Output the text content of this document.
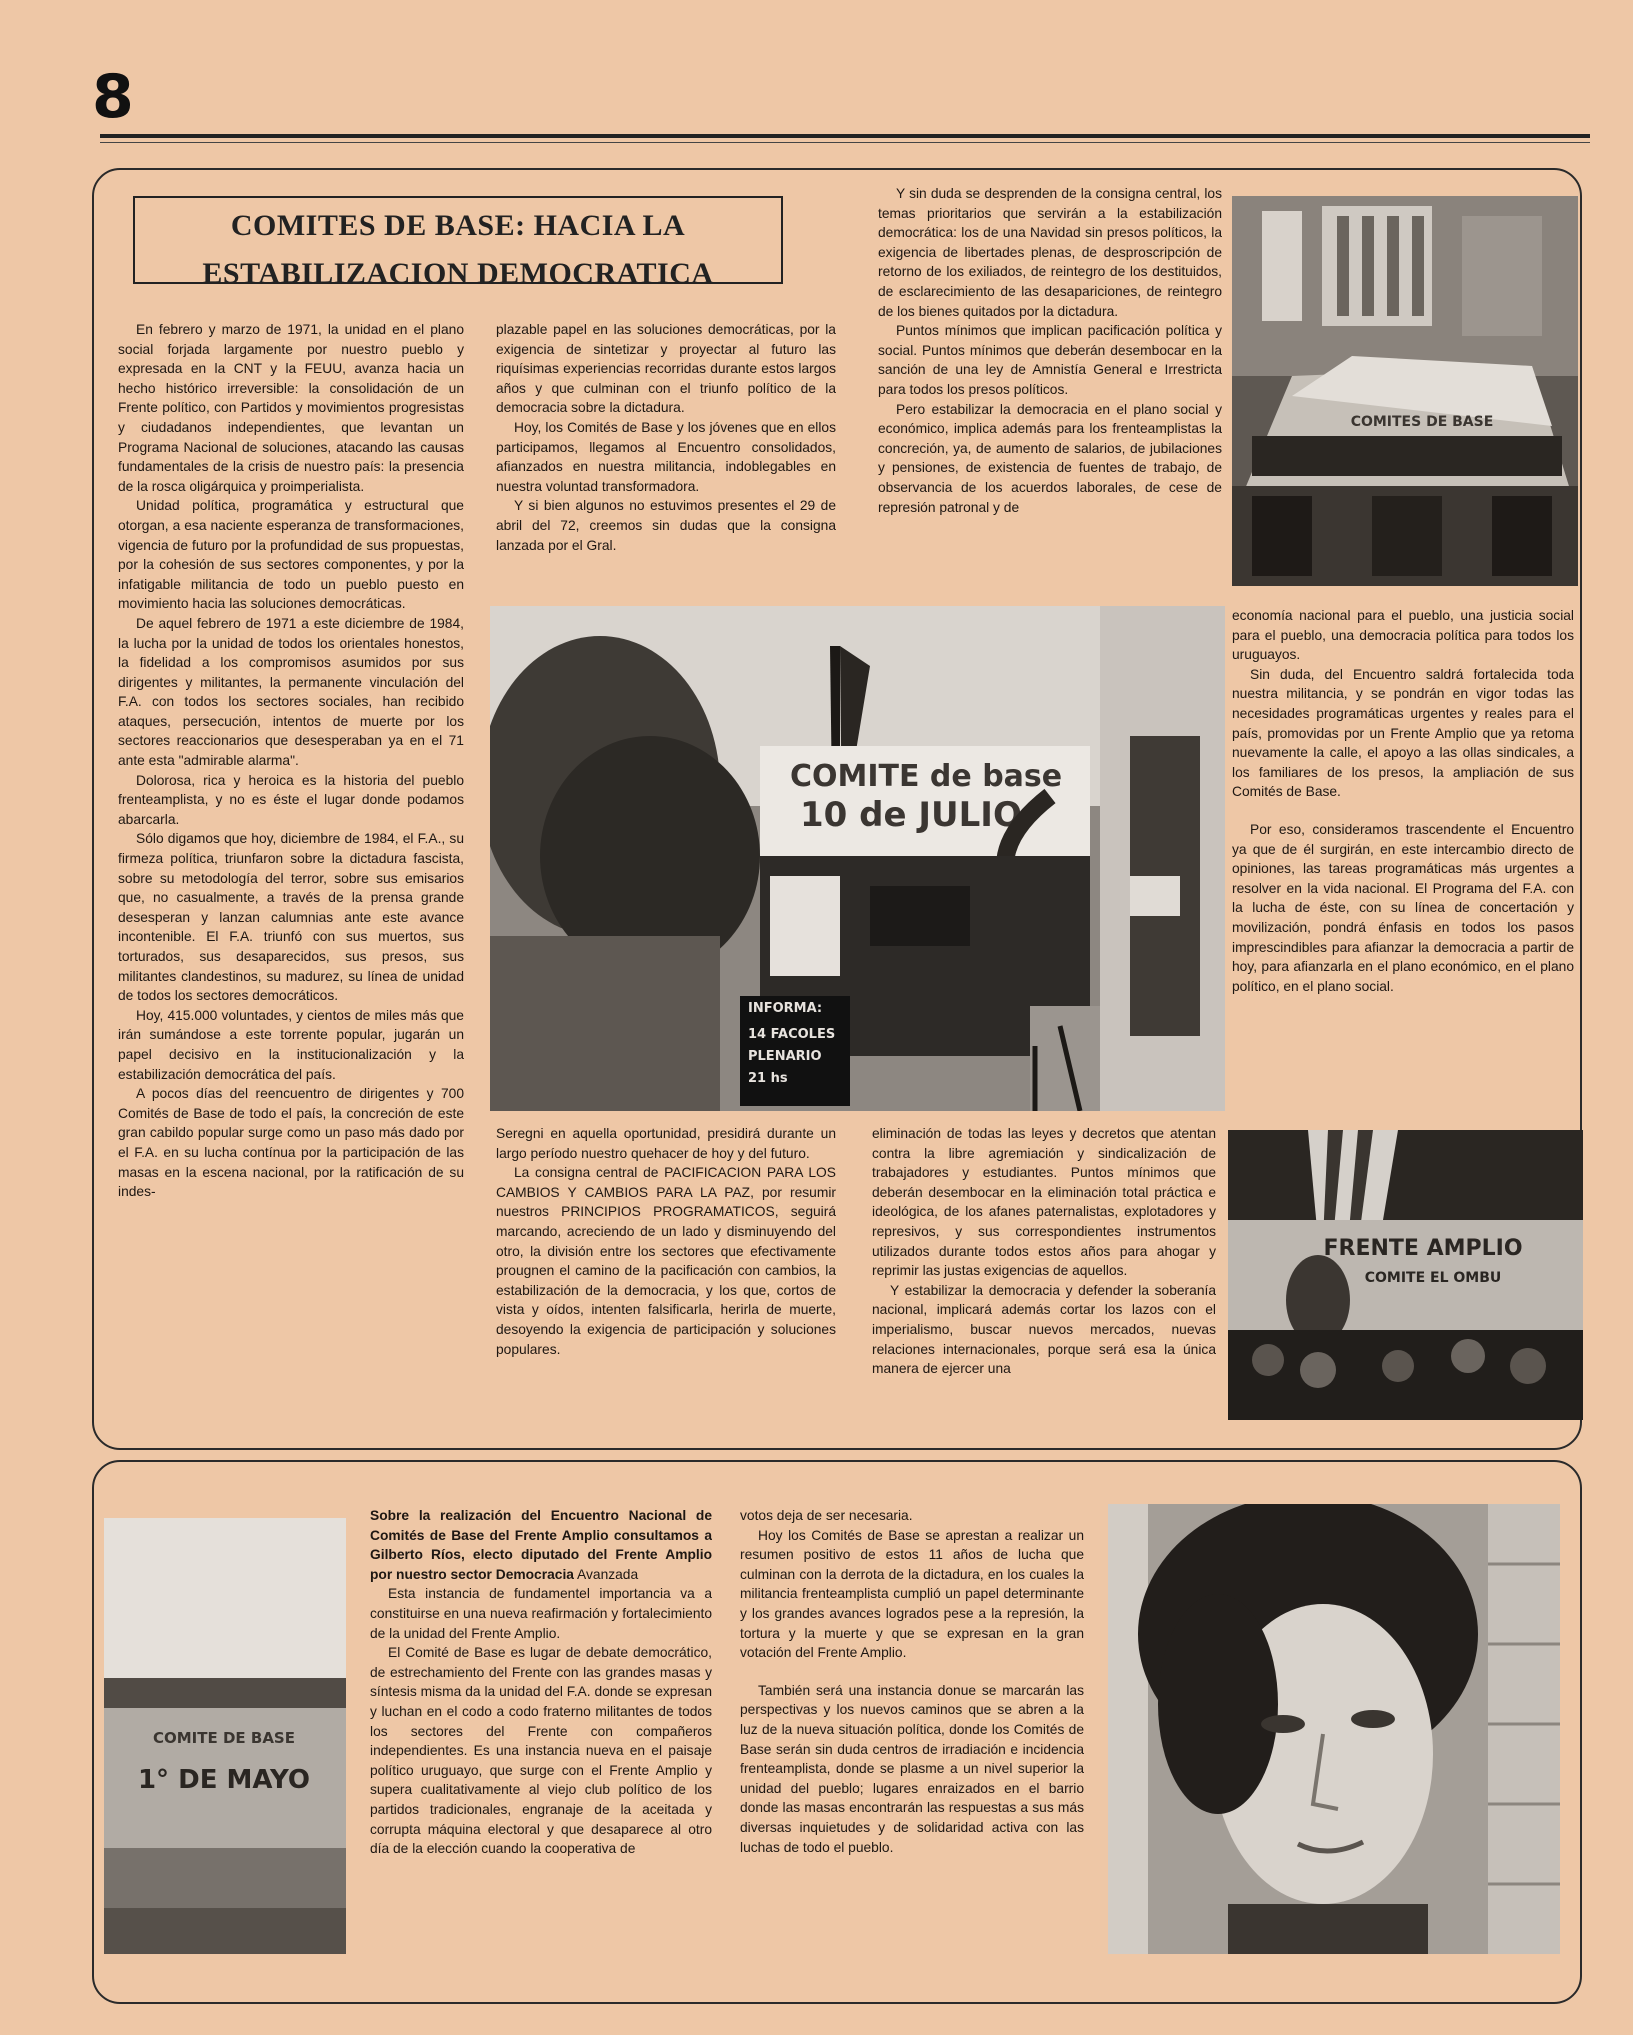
8
COMITES DE BASE: HACIA LA
ESTABILIZACION DEMOCRATICA

En febrero y marzo de 1971, la unidad en el plano social forjada largamente por nuestro pueblo y expresada en la CNT y la FEUU, avanza hacia un hecho histórico irreversible: la consolidación de un Frente político, con Partidos y movimientos progresistas y ciudadanos independientes, que levantan un Programa Nacional de soluciones, atacando las causas fundamentales de la crisis de nuestro país: la presencia de la rosca oligárquica y proimperialista.

Unidad política, programática y estructural que otorgan, a esa naciente esperanza de transformaciones, vigencia de futuro por la profundidad de sus propuestas, por la cohesión de sus sectores componentes, y por la infatigable militancia de todo un pueblo puesto en movimiento hacia las soluciones democráticas.

De aquel febrero de 1971 a este diciembre de 1984, la lucha por la unidad de todos los orientales honestos, la fidelidad a los compromisos asumidos por sus dirigentes y militantes, la permanente vinculación del F.A. con todos los sectores sociales, han recibido ataques, persecución, intentos de muerte por los sectores reaccionarios que desesperaban ya en el 71 ante esta "admirable alarma".

Dolorosa, rica y heroica es la historia del pueblo frenteamplista, y no es éste el lugar donde podamos abarcarla.

Sólo digamos que hoy, diciembre de 1984, el F.A., su firmeza política, triunfaron sobre la dictadura fascista, sobre su metodología del terror, sobre sus emisarios que, no casualmente, a través de la prensa grande desesperan y lanzan calumnias ante este avance incontenible. El F.A. triunfó con sus muertos, sus torturados, sus desaparecidos, sus presos, sus militantes clandestinos, su madurez, su línea de unidad de todos los sectores democráticos.

Hoy, 415.000 voluntades, y cientos de miles más que irán sumándose a este torrente popular, jugarán un papel decisivo en la institucionalización y la estabilización democrática del país.

A pocos días del reencuentro de dirigentes y 700 Comités de Base de todo el país, la concreción de este gran cabildo popular surge como un paso más dado por el F.A. en su lucha contínua por la participación de las masas en la escena nacional, por la ratificación de su indes-

plazable papel en las soluciones democráticas, por la exigencia de sintetizar y proyectar al futuro las riquísimas experiencias recorridas durante estos largos años y que culminan con el triunfo político de la democracia sobre la dictadura.

Hoy, los Comités de Base y los jóvenes que en ellos participamos, llegamos al Encuentro consolidados, afianzados en nuestra militancia, indoblegables en nuestra voluntad transformadora.

Y si bien algunos no estuvimos presentes el 29 de abril del 72, creemos sin dudas que la consigna lanzada por el Gral.

Y sin duda se desprenden de la consigna central, los temas prioritarios que servirán a la estabilización democrática: los de una Navidad sin presos políticos, la exigencia de libertades plenas, de desproscripción de retorno de los exiliados, de reintegro de los destituidos, de esclarecimiento de las desapariciones, de reintegro de los bienes quitados por la dictadura.

Puntos mínimos que implican pacificación política y social. Puntos mínimos que deberán desembocar en la sanción de una ley de Amnistía General e Irrestricta para todos los presos políticos.

Pero estabilizar la democracia en el plano social y económico, implica además para los frenteamplistas la concreción, ya, de aumento de salarios, de jubilaciones y pensiones, de existencia de fuentes de trabajo, de observancia de los acuerdos laborales, de cese de represión patronal y de

economía nacional para el pueblo, una justicia social para el pueblo, una democracia política para todos los uruguayos.

Sin duda, del Encuentro saldrá fortalecida toda nuestra militancia, y se pondrán en vigor todas las necesidades programáticas urgentes y reales para el país, promovidas por un Frente Amplio que ya retoma nuevamente la calle, el apoyo a las ollas sindicales, a los familiares de los presos, la ampliación de sus Comités de Base.

Por eso, consideramos trascendente el Encuentro ya que de él surgirán, en este intercambio directo de opiniones, las tareas programáticas más urgentes a resolver en la vida nacional. El Programa del F.A. con la lucha de éste, con su línea de concertación y movilización, pondrá énfasis en todos los pasos imprescindibles para afianzar la democracia a partir de hoy, para afianzarla en el plano económico, en el plano político, en el plano social.

Seregni en aquella oportunidad, presidirá durante un largo período nuestro quehacer de hoy y del futuro.

La consigna central de PACIFICACION PARA LOS CAMBIOS Y CAMBIOS PARA LA PAZ, por resumir nuestros PRINCIPIOS PROGRAMATICOS, seguirá marcando, acreciendo de un lado y disminuyendo del otro, la división entre los sectores que efectivamente prougnen el camino de la pacificación con cambios, la estabilización de la democracia, y los que, cortos de vista y oídos, intenten falsificarla, herirla de muerte, desoyendo la exigencia de participación y soluciones populares.

eliminación de todas las leyes y decretos que atentan contra la libre agremiación y sindicalización de trabajadores y estudiantes. Puntos mínimos que deberán desembocar en la eliminación total práctica e ideológica, de los afanes paternalistas, explotadores y represivos, y sus correspondientes instrumentos utilizados durante todos estos años para ahogar y reprimir las justas exigencias de aquellos.

Y estabilizar la democracia y defender la soberanía nacional, implicará además cortar los lazos con el imperialismo, buscar nuevos mercados, nuevas relaciones internacionales, porque será esa la única manera de ejercer una

COMITES DE BASE
COMITE de base
10 de JULIO
INFORMA:
14 FACOLES
PLENARIO
21 hs
FRENTE AMPLIO
COMITE EL OMBU
COMITE DE BASE
1° DE MAYO

Sobre la realización del Encuentro Nacional de Comités de Base del Frente Amplio consultamos a Gilberto Ríos, electo diputado del Frente Amplio por nuestro sector Democracia Avanzada

Esta instancia de fundamentel importancia va a constituirse en una nueva reafirmación y fortalecimiento de la unidad del Frente Amplio.

El Comité de Base es lugar de debate democrático, de estrechamiento del Frente con las grandes masas y síntesis misma da la unidad del F.A. donde se expresan y luchan en el codo a codo fraterno militantes de todos los sectores del Frente con compañeros independientes. Es una instancia nueva en el paisaje político uruguayo, que surge con el Frente Amplio y supera cualitativamente al viejo club político de los partidos tradicionales, engranaje de la aceitada y corrupta máquina electoral y que desaparece al otro día de la elección cuando la cooperativa de

votos deja de ser necesaria.

Hoy los Comités de Base se aprestan a realizar un resumen positivo de estos 11 años de lucha que culminan con la derrota de la dictadura, en los cuales la militancia frenteamplista cumplió un papel determinante y los grandes avances logrados pese a la represión, la tortura y la muerte y que se expresan en la gran votación del Frente Amplio.

También será una instancia donue se marcarán las perspectivas y los nuevos caminos que se abren a la luz de la nueva situación política, donde los Comités de Base serán sin duda centros de irradiación e incidencia frenteamplista, donde se plasme a un nivel superior la unidad del pueblo; lugares enraizados en el barrio donde las masas encontrarán las respuestas a sus más diversas inquietudes y de solidaridad activa con las luchas de todo el pueblo.
